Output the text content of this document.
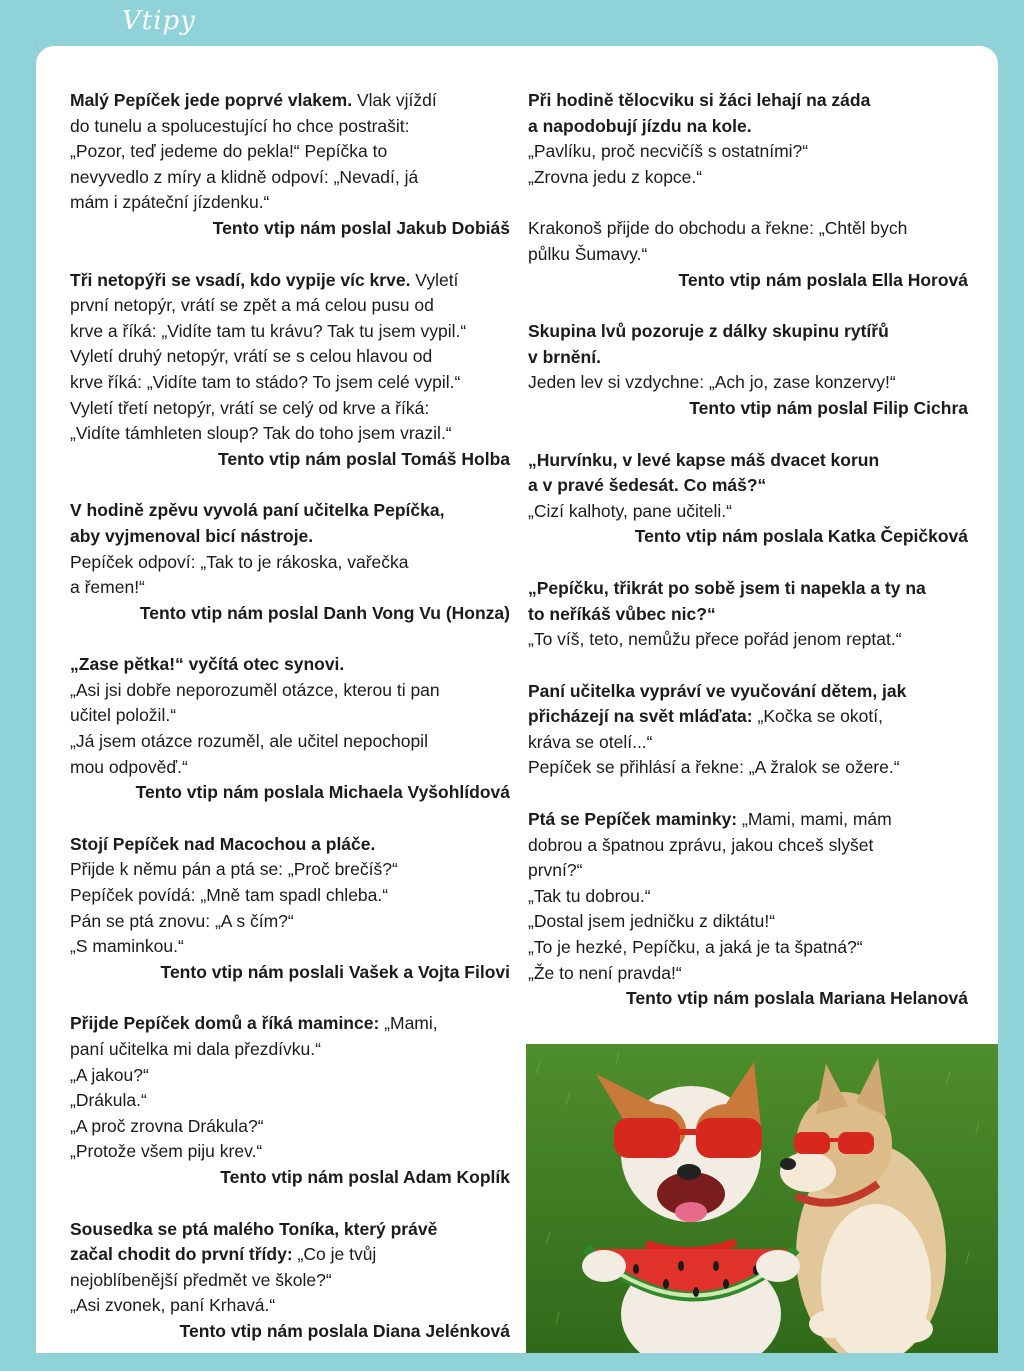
Vtipy
Malý Pepíček jede poprvé vlakem. Vlak vjíždí
do tunelu a spolucestující ho chce postrašit:
„Pozor, teď jedeme do pekla!“ Pepíčka to
nevyvedlo z míry a klidně odpoví: „Nevadí, já
mám i zpáteční jízdenku.“
Tento vtip nám poslal Jakub Dobiáš
Tři netopýři se vsadí, kdo vypije víc krve. Vyletí
první netopýr, vrátí se zpět a má celou pusu od
krve a říká: „Vidíte tam tu krávu? Tak tu jsem vypil.“
Vyletí druhý netopýr, vrátí se s celou hlavou od
krve říká: „Vidíte tam to stádo? To jsem celé vypil.“
Vyletí třetí netopýr, vrátí se celý od krve a říká:
„Vidíte támhleten sloup? Tak do toho jsem vrazil.“
Tento vtip nám poslal Tomáš Holba
V hodině zpěvu vyvolá paní učitelka Pepíčka,
aby vyjmenoval bicí nástroje.
Pepíček odpoví: „Tak to je rákoska, vařečka
a řemen!“
Tento vtip nám poslal Danh Vong Vu (Honza)
„Zase pětka!“ vyčítá otec synovi.
„Asi jsi dobře neporozuměl otázce, kterou ti pan
učitel položil.“
„Já jsem otázce rozuměl, ale učitel nepochopil
mou odpověď.“
Tento vtip nám poslala Michaela Vyšohlídová
Stojí Pepíček nad Macochou a pláče.
Přijde k němu pán a ptá se: „Proč brečíš?“
Pepíček povídá: „Mně tam spadl chleba.“
Pán se ptá znovu: „A s čím?“
„S maminkou.“
Tento vtip nám poslali Vašek a Vojta Filovi
Přijde Pepíček domů a říká mamince: „Mami,
paní učitelka mi dala přezdívku.“
„A jakou?“
„Drákula.“
„A proč zrovna Drákula?“
„Protože všem piju krev.“
Tento vtip nám poslal Adam Koplík
Sousedka se ptá malého Toníka, který právě
začal chodit do první třídy: „Co je tvůj
nejoblíbenější předmět ve škole?“
„Asi zvonek, paní Krhavá.“
Tento vtip nám poslala Diana Jelénková
Při hodině tělocviku si žáci lehají na záda
a napodobují jízdu na kole.
„Pavlíku, proč necvičíš s ostatními?“
„Zrovna jedu z kopce.“
Krakonoš přijde do obchodu a řekne: „Chtěl bych
půlku Šumavy.“
Tento vtip nám poslala Ella Horová
Skupina lvů pozoruje z dálky skupinu rytířů
v brnění.
Jeden lev si vzdychne: „Ach jo, zase konzervy!“
Tento vtip nám poslal Filip Cichra
„Hurvínku, v levé kapse máš dvacet korun
a v pravé šedesát. Co máš?“
„Cizí kalhoty, pane učiteli.“
Tento vtip nám poslala Katka Čepičková
„Pepíčku, třikrát po sobě jsem ti napekla a ty na
to neříkáš vůbec nic?“
„To víš, teto, nemůžu přece pořád jenom reptat.“
Paní učitelka vypráví ve vyučování dětem, jak
přicházejí na svět mláďata: „Kočka se okotí,
kráva se otelí...“
Pepíček se přihlásí a řekne: „A žralok se ožere.“
Ptá se Pepíček maminky: „Mami, mami, mám
dobrou a špatnou zprávu, jakou chceš slyšet
první?“
„Tak tu dobrou.“
„Dostal jsem jedničku z diktátu!“
„To je hezké, Pepíčku, a jaká je ta špatná?“
„Že to není pravda!“
Tento vtip nám poslala Mariana Helanová
